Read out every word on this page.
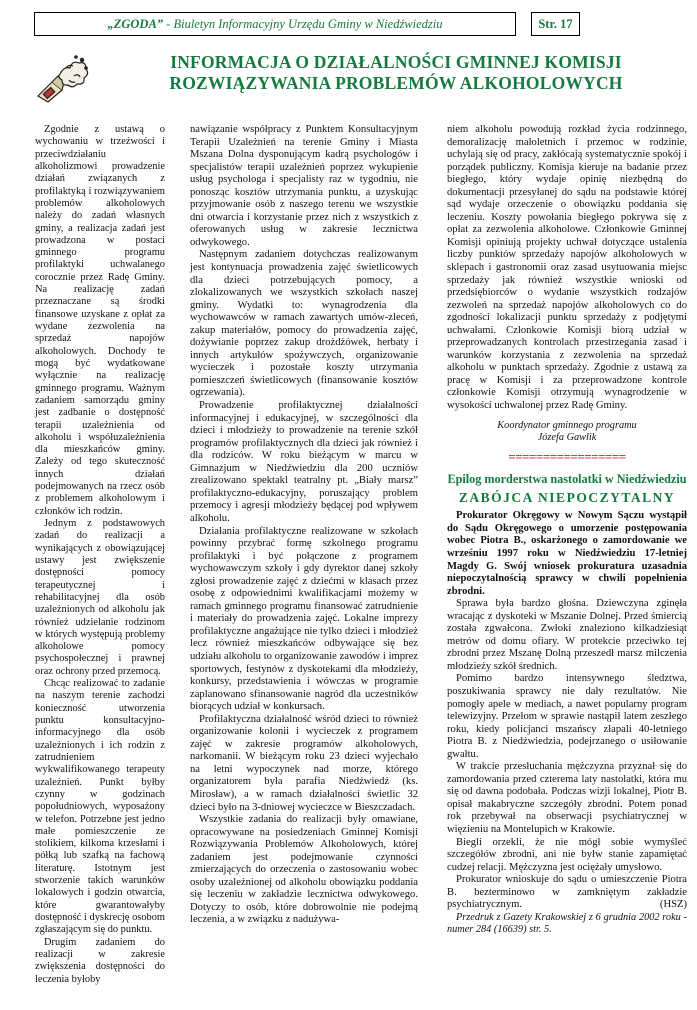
„ZGODA” - Biuletyn Informacyjny Urzędu Gminy w Niedźwiedziu	Str. 17
INFORMACJA O DZIAŁALNOŚCI GMINNEJ KOMISJI ROZWIĄZYWANIA PROBLEMÓW ALKOHOLOWYCH

Zgodnie z ustawą o wychowaniu w trzeźwości i przeciwdziałaniu alkoholizmowi prowadzenie działań związanych z profilaktyką i rozwiązywaniem problemów alkoholowych należy do zadań własnych gminy, a realizacja zadań jest prowadzona w postaci gminnego programu profilaktyki uchwalanego corocznie przez Radę Gminy. Na realizację zadań przeznaczane są środki finansowe uzyskane z opłat za wydane zezwolenia na sprzedaż napojów alkoholowych. Dochody te mogą być wydatkowane wyłącznie na realizację gminnego programu. Ważnym zadaniem samorządu gminy jest zadbanie o dostępność terapii uzależnienia od alkoholu i współuzależnienia dla mieszkańców gminy. Zależy od tego skuteczność innych działań podejmowanych na rzecz osób z problemem alkoholowym i członków ich rodzin.

Jednym z podstawowych zadań do realizacji a wynikających z obowiązującej ustawy jest zwiększenie dostępności pomocy terapeutycznej i rehabilitacyjnej dla osób uzależnionych od alkoholu jak również udzielanie rodzinom w których występują problemy alkoholowe pomocy psychospołecznej i prawnej oraz ochrony przed przemocą.

Chcąc realizować to zadanie na naszym terenie zachodzi konieczność utworzenia punktu konsultacyjno-informacyjnego dla osób uzależnionych i ich rodzin z zatrudnieniem wykwalifikowanego terapeuty uzależnień. Punkt byłby czynny w godzinach popołudniowych, wyposażony w telefon. Potrzebne jest jedno małe pomieszczenie ze stolikiem, kilkoma krzesłami i półką lub szafką na fachową literaturę. Istotnym jest stworzenie takich warunków lokalowych i godzin otwarcia, które gwarantowałyby dostępność i dyskrecję osobom zgłaszającym się do punktu.

Drugim zadaniem do realizacji w zakresie zwiększenia dostępności do leczenia byłoby

nawiązanie współpracy z Punktem Konsultacyjnym Terapii Uzależnień na terenie Gminy i Miasta Mszana Dolna dysponującym kadrą psychologów i specjalistów terapii uzależnień poprzez wykupienie usług psychologa i specjalisty raz w tygodniu, nie ponosząc kosztów utrzymania punktu, a uzyskując przyjmowanie osób z naszego terenu we wszystkie dni otwarcia i korzystanie przez nich z wszystkich z oferowanych usług w zakresie lecznictwa odwykowego.

Następnym zadaniem dotychczas realizowanym jest kontynuacja prowadzenia zajęć świetlicowych dla dzieci potrzebujących pomocy, a zlokalizowanych we wszystkich szkołach naszej gminy. Wydatki to: wynagrodzenia dla wychowawców w ramach zawartych umów-zleceń, zakup materiałów, pomocy do prowadzenia zajęć, dożywianie poprzez zakup drożdżówek, herbaty i innych artykułów spożywczych, organizowanie wycieczek i pozostałe koszty utrzymania pomieszczeń świetlicowych (finansowanie kosztów ogrzewania).

Prowadzenie profilaktycznej działalności informacyjnej i edukacyjnej, w szczególności dla dzieci i młodzieży to prowadzenie na terenie szkół programów profilaktycznych dla dzieci jak również i dla rodziców. W roku bieżącym w marcu w Gimnazjum w Niedźwiedziu dla 200 uczniów zrealizowano spektakl teatralny pt. „Biały marsz” profilaktyczno-edukacyjny, poruszający problem przemocy i agresji młodzieży będącej pod wpływem alkoholu.

Działania profilaktyczne realizowane w szkołach powinny przybrać formę szkolnego programu profilaktyki i być połączone z programem wychowawczym szkoły i gdy dyrektor danej szkoły zgłosi prowadzenie zajęć z dziećmi w klasach przez osobę z odpowiednimi kwalifikacjami możemy w ramach gminnego programu finansować zatrudnienie i materiały do prowadzenia zajęć. Lokalne imprezy profilaktyczne angażujące nie tylko dzieci i młodzież lecz również mieszkańców odbywające się bez udziału alkoholu to organizowanie zawodów i imprez sportowych, festynów z dyskotekami dla młodzieży, konkursy, przedstawienia i wówczas w programie zaplanowano sfinansowanie nagród dla uczestników biorących udział w konkursach.

Profilaktyczna działalność wśród dzieci to również organizowanie kolonii i wycieczek z programem zajęć w zakresie programów alkoholowych, narkomanii. W bieżącym roku 23 dzieci wyjechało na letni wypoczynek nad morze, którego organizatorem była parafia Niedźwiedź (ks. Mirosław), a w ramach działalności świetlic 32 dzieci było na 3-dniowej wycieczce w Bieszczadach.

Wszystkie zadania do realizacji były omawiane, opracowywane na posiedzeniach Gminnej Komisji Rozwiązywania Problemów Alkoholowych, której zadaniem jest podejmowanie czynności zmierzających do orzeczenia o zastosowaniu wobec osoby uzależnionej od alkoholu obowiązku poddania się leczeniu w zakładzie lecznictwa odwykowego. Dotyczy to osób, które dobrowolnie nie podejmą leczenia, a w związku z nadużywa-

niem alkoholu powodują rozkład życia rodzinnego, demoralizację małoletnich i przemoc w rodzinie, uchylają się od pracy, zakłócają systematycznie spokój i porządek publiczny. Komisja kieruje na badanie przez biegłego, który wydaje opinię niezbędną do dokumentacji przesyłanej do sądu na podstawie której sąd wydaje orzeczenie o obowiązku poddania się leczeniu. Koszty powołania biegłego pokrywa się z opłat za zezwolenia alkoholowe. Członkowie Gminnej Komisji opiniują projekty uchwał dotyczące ustalenia liczby punktów sprzedaży napojów alkoholowych w sklepach i gastronomii oraz zasad usytuowania miejsc sprzedaży jak również wszystkie wnioski od przedsiębiorców o wydanie wszystkich rodzajów zezwoleń na sprzedaż napojów alkoholowych co do zgodności lokalizacji punktu sprzedaży z podjętymi uchwałami. Członkowie Komisji biorą udział w przeprowadzanych kontrolach przestrzegania zasad i warunków korzystania z zezwolenia na sprzedaż alkoholu w punktach sprzedaży. Zgodnie z ustawą za pracę w Komisji i za przeprowadzone kontrole członkowie Komisji otrzymują wynagrodzenie w wysokości uchwalonej przez Radę Gminy.

Koordynator gminnego programu
Józefa Gawlik
=================
Epilog morderstwa nastolatki w Niedźwiedziu
ZABÓJCA NIEPOCZYTALNY

Prokurator Okręgowy w Nowym Sączu wystąpił do Sądu Okręgowego o umorzenie postępowania wobec Piotra B., oskarżonego o zamordowanie we wrześniu 1997 roku w Niedźwiedziu 17-letniej Magdy G. Swój wniosek prokuratura uzasadnia niepoczytalnością sprawcy w chwili popełnienia zbrodni.

Sprawa była bardzo głośna. Dziewczyna zginęła wracając z dyskoteki w Mszanie Dolnej. Przed śmiercią została zgwałcona. Zwłoki znaleziono kilkadziesiąt metrów od domu ofiary. W protekcie przeciwko tej zbrodni przez Mszanę Dolną przeszedł marsz milczenia młodzieży szkół średnich.

Pomimo bardzo intensywnego śledztwa, poszukiwania sprawcy nie dały rezultatów. Nie pomogły apele w mediach, a nawet popularny program telewizyjny. Przełom w sprawie nastąpił latem zeszłego roku, kiedy policjanci mszańscy złapali 40-letniego Piotra B. z Niedźwiedzia, podejrzanego o usiłowanie gwałtu.

W trakcie przesłuchania mężczyzna przyznał się do zamordowania przed czterema laty nastolatki, która mu się od dawna podobała. Podczas wizji lokalnej, Piotr B. opisał makabryczne szczegóły zbrodni. Potem ponad rok przebywał na obserwacji psychiatrycznej w więzieniu na Montelupich w Krakowie.

Biegli orzekli, że nie mógł sobie wymyśleć szczegółów zbrodni, ani nie byłw stanie zapamiętać cudzej relacji. Mężczyzna jest ociężały umysłowo.

Prokurator wnioskuje do sądu o umieszczenie Piotra B. bezterminowo w zamkniętym zakładzie psychiatrycznym.	(HSZ)

Przedruk z Gazety Krakowskiej z 6 grudnia 2002 roku - numer 284 (16639) str. 5.
